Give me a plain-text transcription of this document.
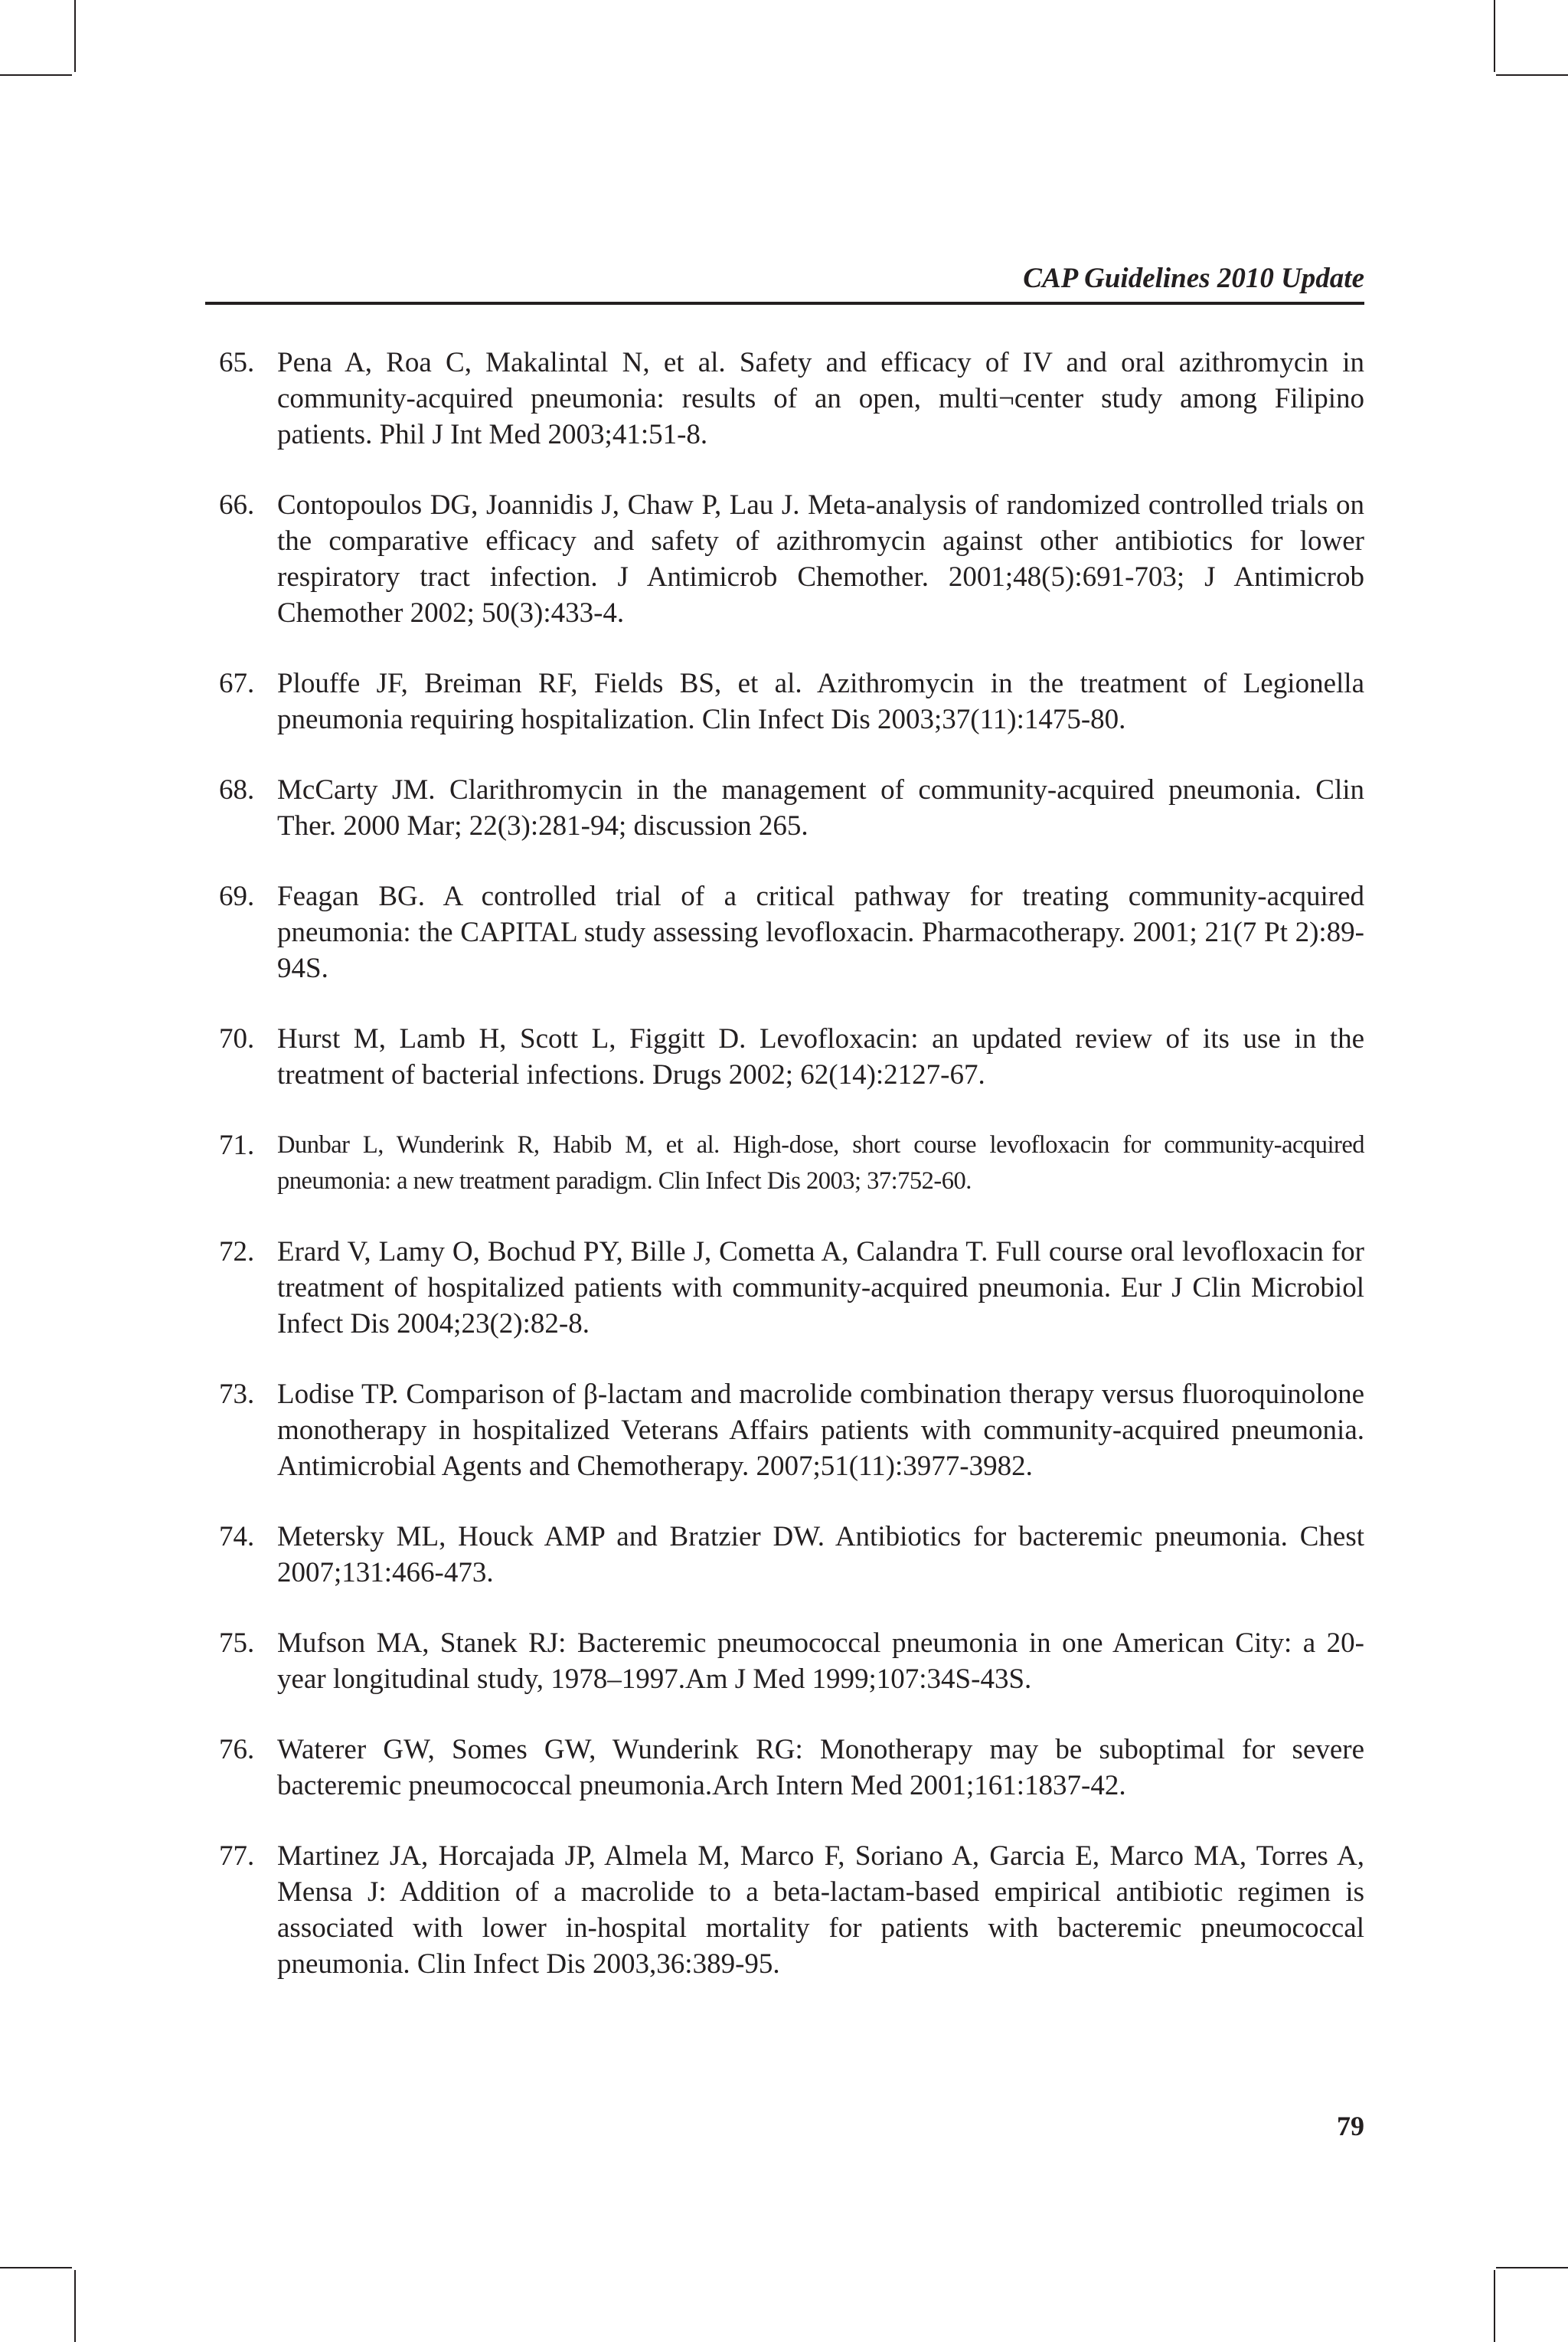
CAP Guidelines 2010 Update
65. Pena A, Roa C, Makalintal N, et al. Safety and efficacy of IV and oral azithromycin in community-acquired pneumonia: results of an open, multi¬center study among Filipino patients. Phil J Int Med 2003;41:51-8.
66. Contopoulos DG, Joannidis J, Chaw P, Lau J. Meta-analysis of randomized controlled trials on the comparative efficacy and safety of azithromycin against other antibiotics for lower respiratory tract infection. J Antimicrob Chemother. 2001;48(5):691-703; J Antimicrob Chemother 2002; 50(3):433-4.
67. Plouffe JF, Breiman RF, Fields BS, et al. Azithromycin in the treatment of Legionella pneumonia requiring hospitalization. Clin Infect Dis 2003;37(11):1475-80.
68. McCarty JM. Clarithromycin in the management of community-acquired pneumonia. Clin Ther. 2000 Mar; 22(3):281-94; discussion 265.
69. Feagan BG. A controlled trial of a critical pathway for treating community-acquired pneumonia: the CAPITAL study assessing levofloxacin. Pharmacotherapy. 2001; 21(7 Pt 2):89-94S.
70. Hurst M, Lamb H, Scott L, Figgitt D. Levofloxacin: an updated review of its use in the treatment of bacterial infections. Drugs 2002; 62(14):2127-67.
71. Dunbar L, Wunderink R, Habib M, et al. High-dose, short course levofloxacin for community-acquired pneumonia: a new treatment paradigm. Clin Infect Dis 2003; 37:752-60.
72. Erard V, Lamy O, Bochud PY, Bille J, Cometta A, Calandra T. Full course oral levofloxacin for treatment of hospitalized patients with community-acquired pneumonia. Eur J Clin Microbiol Infect Dis 2004;23(2):82-8.
73. Lodise TP. Comparison of β-lactam and macrolide combination therapy versus fluoroquinolone monotherapy in hospitalized Veterans Affairs patients with community-acquired pneumonia. Antimicrobial Agents and Chemotherapy. 2007;51(11):3977-3982.
74. Metersky ML, Houck AMP and Bratzier DW. Antibiotics for bacteremic pneumonia. Chest 2007;131:466-473.
75. Mufson MA, Stanek RJ: Bacteremic pneumococcal pneumonia in one American City: a 20-year longitudinal study, 1978–1997.Am J Med 1999;107:34S-43S.
76. Waterer GW, Somes GW, Wunderink RG: Monotherapy may be suboptimal for severe bacteremic pneumococcal pneumonia.Arch Intern Med 2001;161:1837-42.
77. Martinez JA, Horcajada JP, Almela M, Marco F, Soriano A, Garcia E, Marco MA, Torres A, Mensa J: Addition of a macrolide to a beta-lactam-based empirical antibiotic regimen is associated with lower in-hospital mortality for patients with bacteremic pneumococcal pneumonia. Clin Infect Dis 2003,36:389-95.
79
